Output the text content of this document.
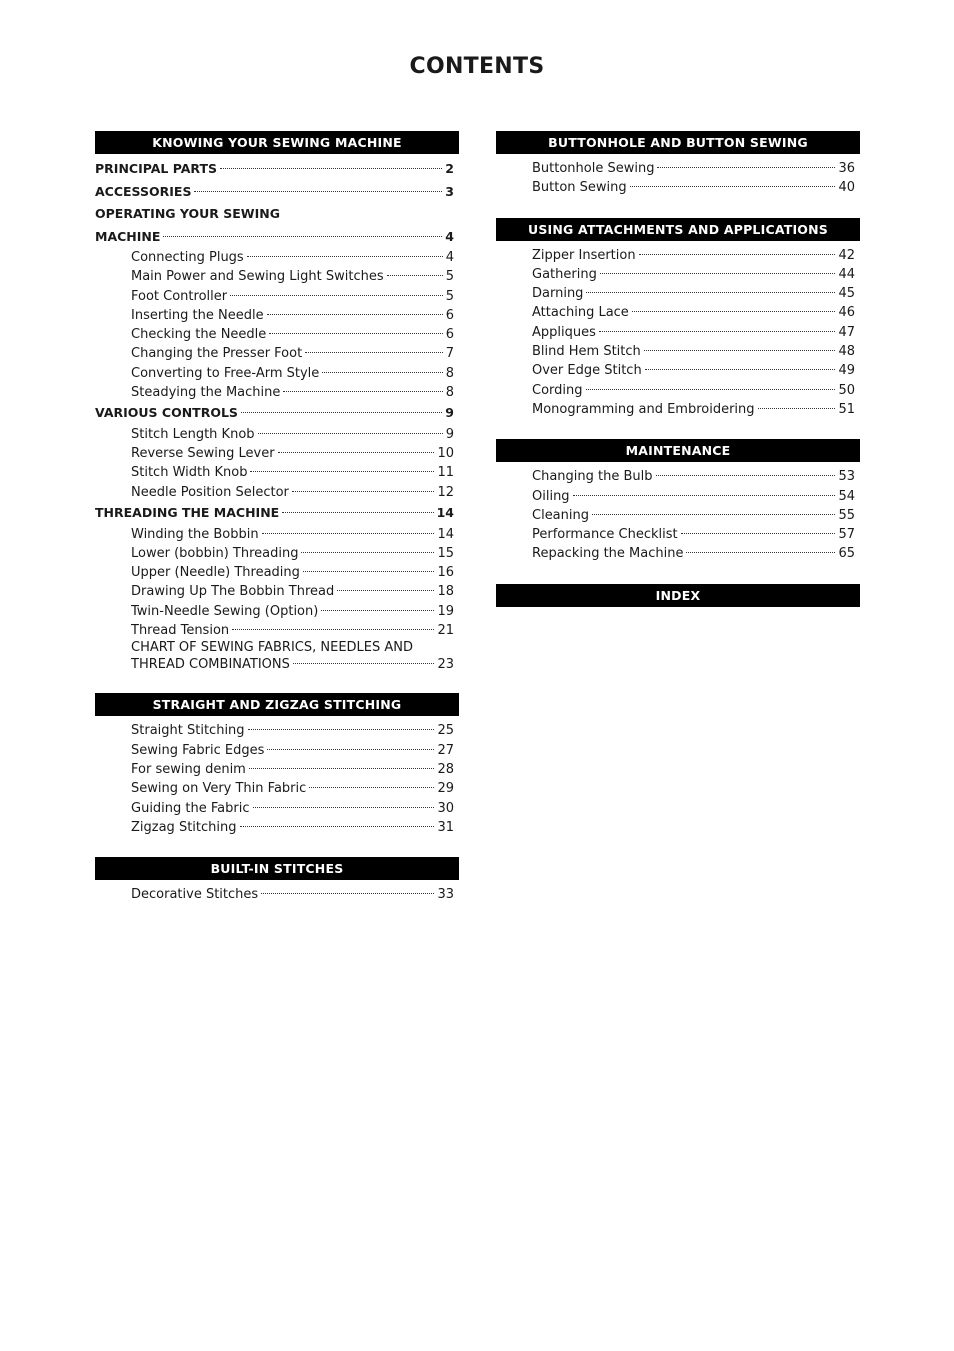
CONTENTS
KNOWING YOUR SEWING MACHINE
PRINCIPAL PARTS	2
ACCESSORIES	3
OPERATING YOUR SEWING
MACHINE	4
Connecting Plugs	4
Main Power and Sewing Light Switches	5
Foot Controller	5
Inserting the Needle	6
Checking the Needle	6
Changing the Presser Foot	7
Converting to Free-Arm Style	8
Steadying the Machine	8
VARIOUS CONTROLS	9
Stitch Length Knob	9
Reverse Sewing Lever	10
Stitch Width Knob	11
Needle Position Selector	12
THREADING THE MACHINE	14
Winding the Bobbin	14
Lower (bobbin) Threading	15
Upper (Needle) Threading	16
Drawing Up The Bobbin Thread	18
Twin-Needle Sewing (Option)	19
Thread Tension	21
CHART OF SEWING FABRICS, NEEDLES AND
THREAD COMBINATIONS	23
STRAIGHT AND ZIGZAG STITCHING
Straight Stitching	25
Sewing Fabric Edges	27
For sewing denim	28
Sewing on Very Thin Fabric	29
Guiding the Fabric	30
Zigzag Stitching	31
BUILT-IN STITCHES
Decorative Stitches	33
BUTTONHOLE AND BUTTON SEWING
Buttonhole Sewing	36
Button Sewing	40
USING ATTACHMENTS AND APPLICATIONS
Zipper Insertion	42
Gathering	44
Darning	45
Attaching Lace	46
Appliques	47
Blind Hem Stitch	48
Over Edge Stitch	49
Cording	50
Monogramming and Embroidering	51
MAINTENANCE
Changing the Bulb	53
Oiling	54
Cleaning	55
Performance Checklist	57
Repacking the Machine	65
INDEX
